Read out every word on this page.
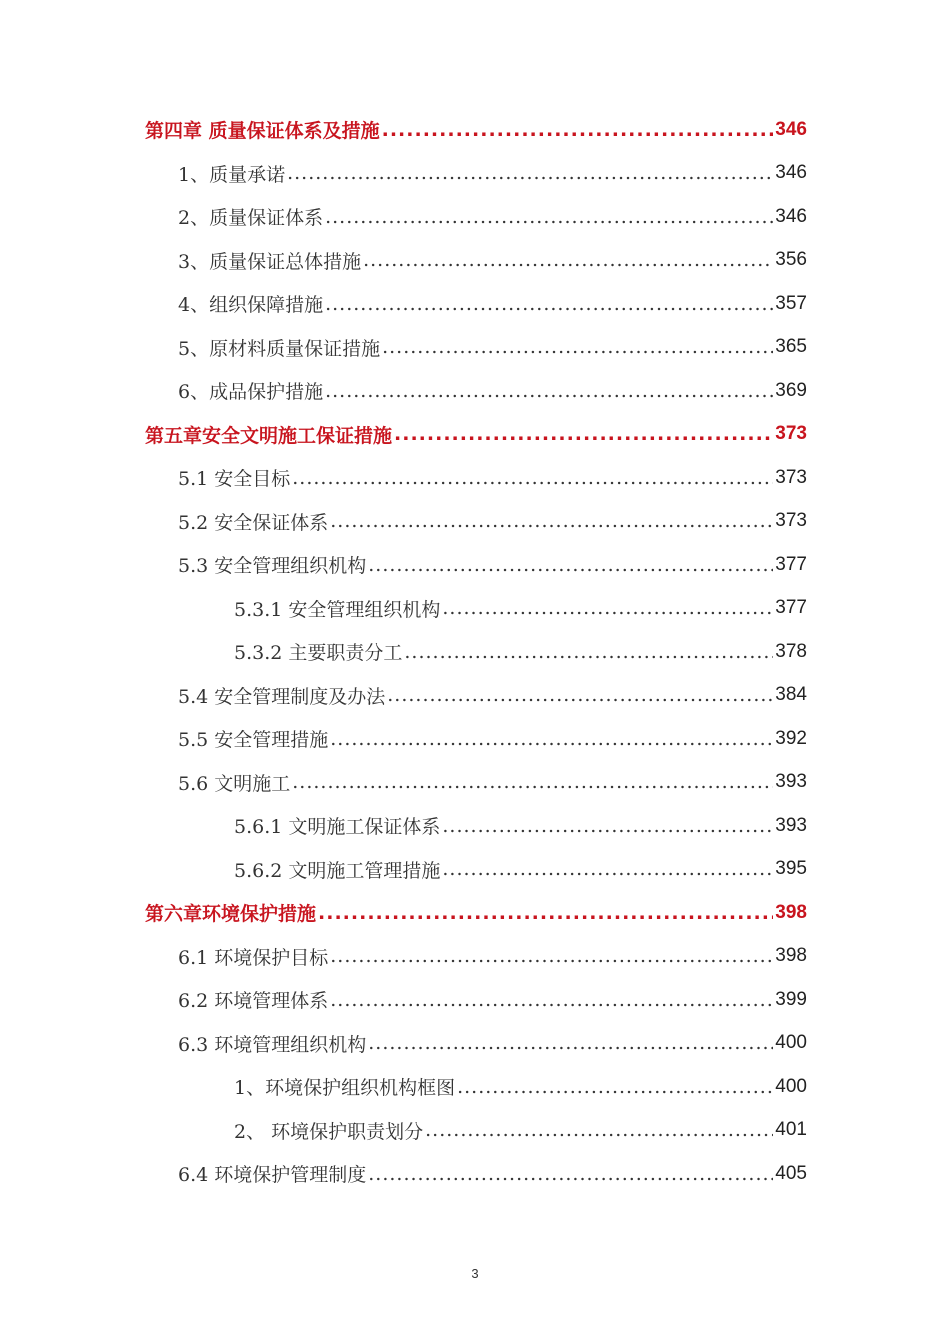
第四章 质量保证体系及措施 .....	346
1、质量承诺 .....	346
2、质量保证体系 .....	346
3、质量保证总体措施 .....	356
4、组织保障措施 .....	357
5、原材料质量保证措施 .....	365
6、成品保护措施 .....	369
第五章安全文明施工保证措施 .....	373
5.1 安全目标 .....	373
5.2 安全保证体系 .....	373
5.3 安全管理组织机构 .....	377
5.3.1 安全管理组织机构 .....	377
5.3.2 主要职责分工 .....	378
5.4 安全管理制度及办法 .....	384
5.5 安全管理措施 .....	392
5.6 文明施工 .....	393
5.6.1 文明施工保证体系 .....	393
5.6.2 文明施工管理措施 .....	395
第六章环境保护措施 .....	398
6.1 环境保护目标 .....	398
6.2 环境管理体系 .....	399
6.3 环境管理组织机构 .....	400
1、环境保护组织机构框图 .....	400
2、 环境保护职责划分 .....	401
6.4 环境保护管理制度 .....	405
3
